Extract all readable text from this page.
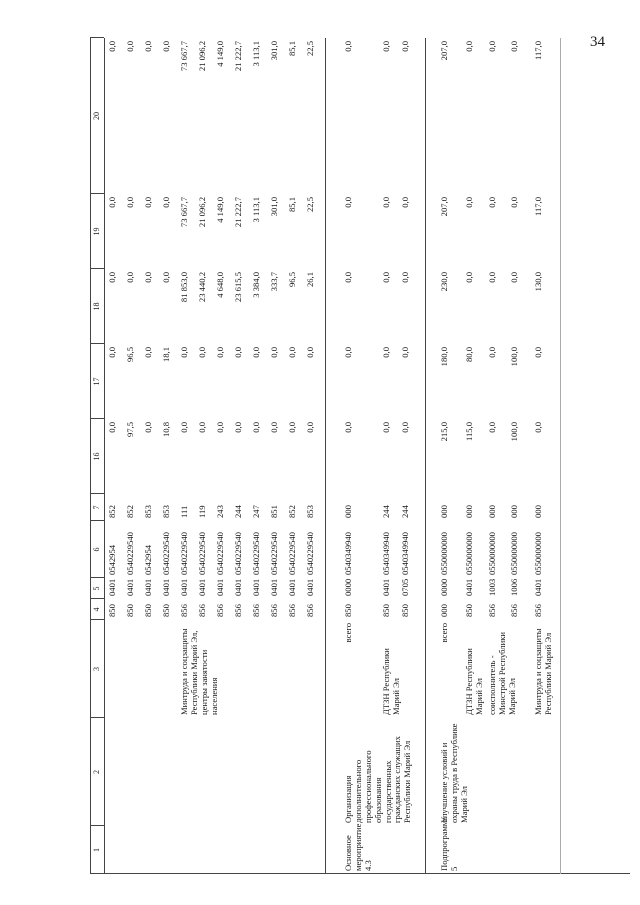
34
1
2
3
4
5
6
7
16
17
18
19
20
850
0401
0542954
852
0,0
0,0
0,0
0,0
0,0
850
0401
0540229540
852
97,5
96,5
0,0
0,0
0,0
850
0401
0542954
853
0,0
0,0
0,0
0,0
0,0
850
0401
0540229540
853
10,8
18,1
0,0
0,0
0,0
Минтруда и соцзащиты Республики Марий Эл, центры занятости населения
856
0401
0540229540
111
0,0
0,0
81 853,0
73 667,7
73 667,7
856
0401
0540229540
119
0,0
0,0
23 440,2
21 096,2
21 096,2
856
0401
0540229540
243
0,0
0,0
4 648,0
4 149,0
4 149,0
856
0401
0540229540
244
0,0
0,0
23 615,5
21 222,7
21 222,7
856
0401
0540229540
247
0,0
0,0
3 384,0
3 113,1
3 113,1
856
0401
0540229540
851
0,0
0,0
333,7
301,0
301,0
856
0401
0540229540
852
0,0
0,0
96,5
85,1
85,1
856
0401
0540229540
853
0,0
0,0
26,1
22,5
22,5
Основное мероприятие 4.3
Организация дополнительного профессионального образования государственных гражданских служащих Республики Марий Эл
всего
850
0000
0540349940
000
0,0
0,0
0,0
0,0
0,0
ДТЗН Республики Марий Эл
850
0401
0540349940
244
0,0
0,0
0,0
0,0
0,0
850
0705
0540349940
244
0,0
0,0
0,0
0,0
0,0
Подпрограмма 5
Улучшение условий и охраны труда в Республике Марий Эл
всего
000
0000
0550000000
000
215,0
180,0
230,0
207,0
207,0
ДТЗН Республики Марий Эл
850
0401
0550000000
000
115,0
80,0
0,0
0,0
0,0
соисполнитель - Минстрой Республики Марий Эл
856
1003
0550000000
000
0,0
0,0
0,0
0,0
0,0
856
1006
0550000000
000
100,0
100,0
0,0
0,0
0,0
Минтруда и соцзащиты Республики Марий Эл
856
0401
0550000000
000
0,0
0,0
130,0
117,0
117,0
